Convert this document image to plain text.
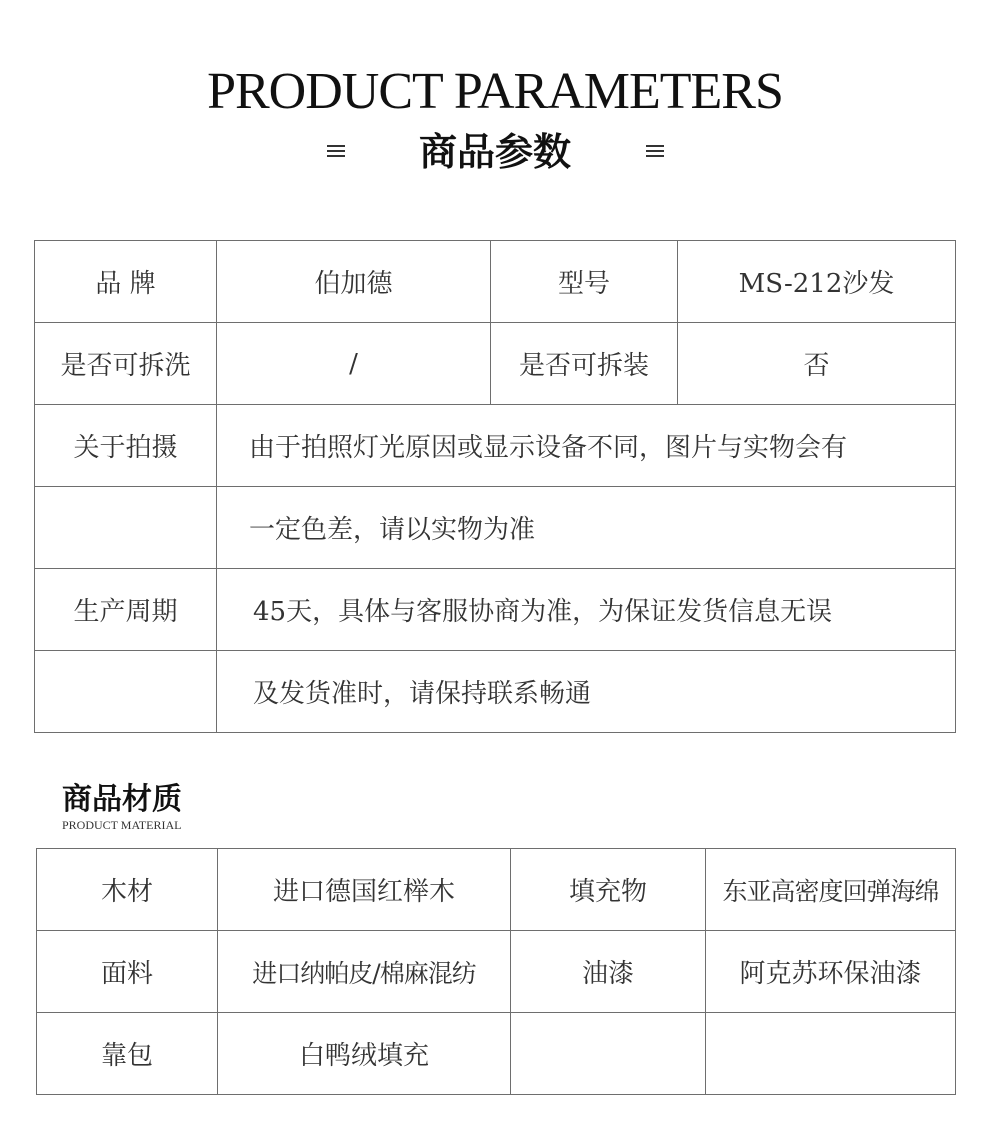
PRODUCT PARAMETERS
商品参数
品 牌	伯加德	型号	MS-212沙发
是否可拆洗	/	是否可拆装	否
关于拍摄	由于拍照灯光原因或显示设备不同，图片与实物会有		
	一定色差，请以实物为准		
生产周期	45天，具体与客服协商为准，为保证发货信息无误		
	及发货准时，请保持联系畅通		
商品材质
PRODUCT MATERIAL
木材	进口德国红榉木	填充物	东亚高密度回弹海绵
面料	进口纳帕皮/棉麻混纺	油漆	阿克苏环保油漆
靠包	白鸭绒填充		
